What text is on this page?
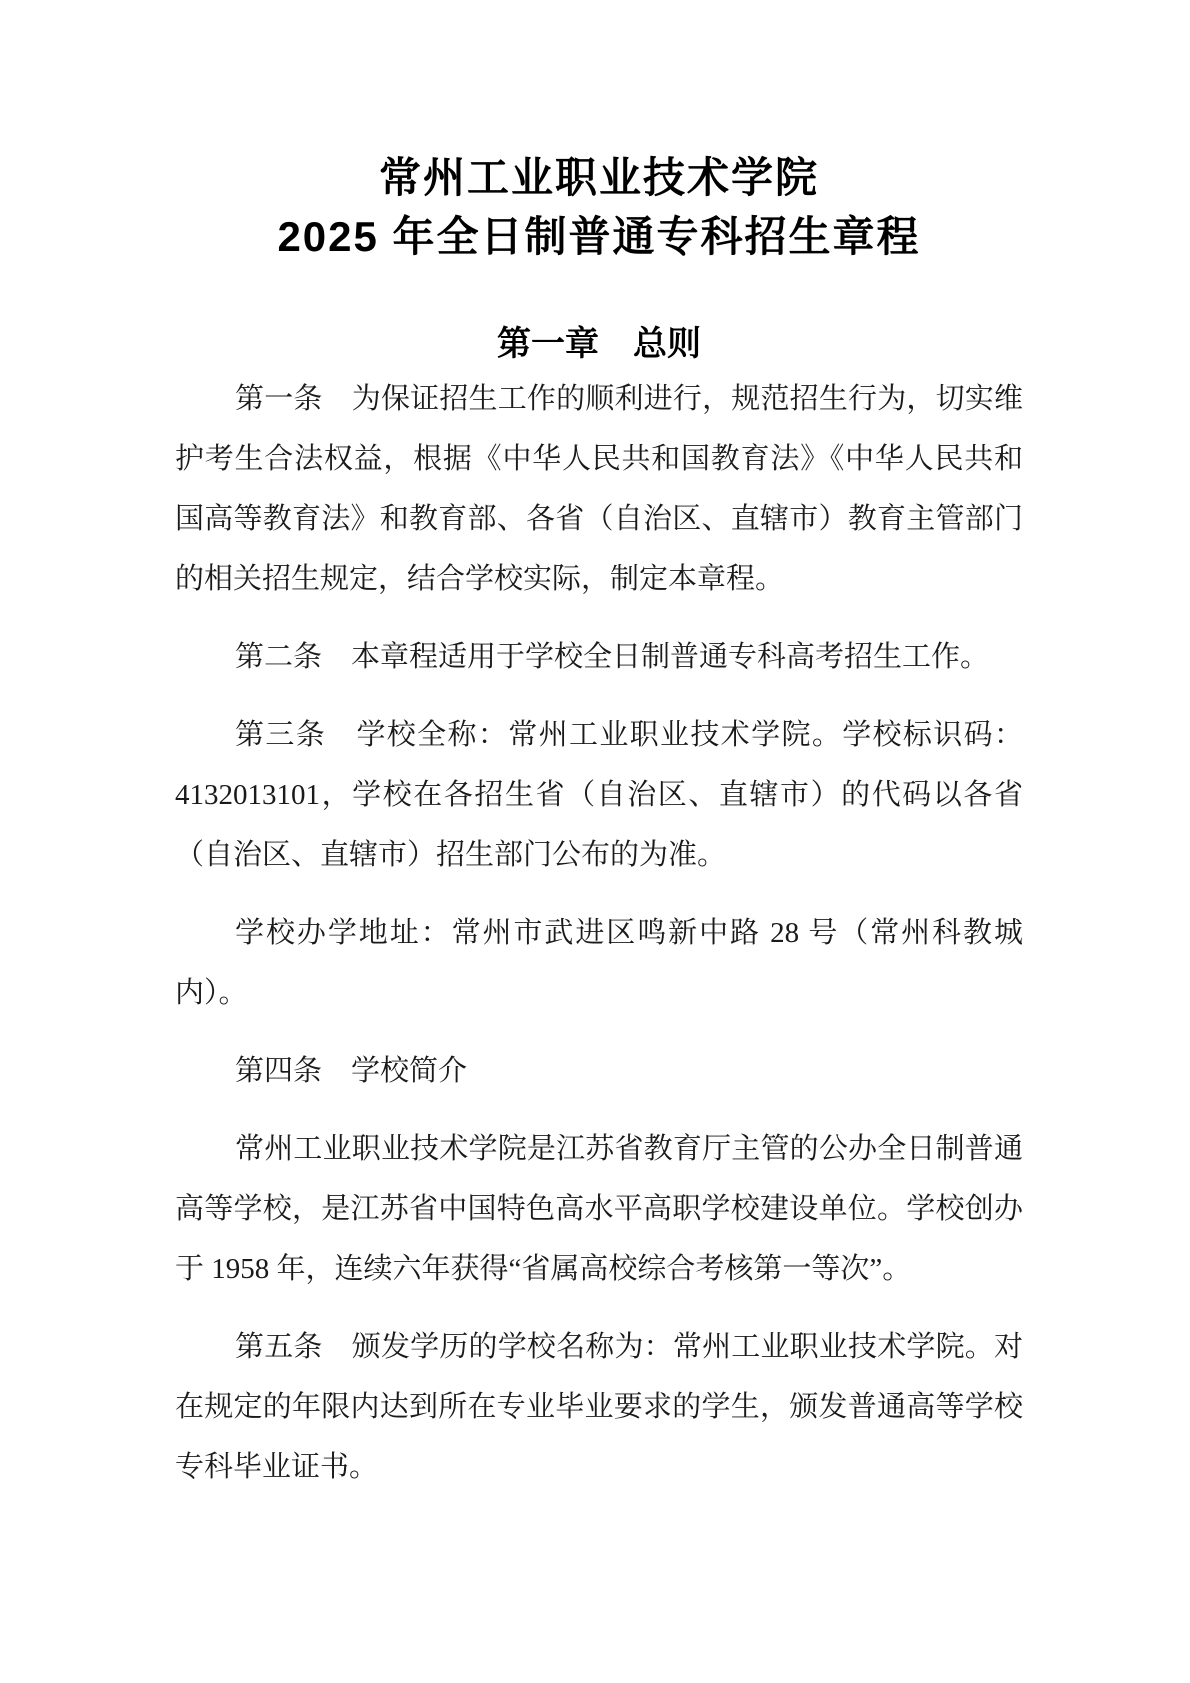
常州工业职业技术学院
2025 年全日制普通专科招生章程
第一章　总则

第一条　为保证招生工作的顺利进行，规范招生行为，切实维护考生合法权益，根据《中华人民共和国教育法》《中华人民共和国高等教育法》和教育部、各省（自治区、直辖市）教育主管部门的相关招生规定，结合学校实际，制定本章程。

第二条　本章程适用于学校全日制普通专科高考招生工作。

第三条　学校全称：常州工业职业技术学院。学校标识码：4132013101，学校在各招生省（自治区、直辖市）的代码以各省（自治区、直辖市）招生部门公布的为准。

学校办学地址：常州市武进区鸣新中路 28 号（常州科教城内）。

第四条　学校简介

常州工业职业技术学院是江苏省教育厅主管的公办全日制普通高等学校，是江苏省中国特色高水平高职学校建设单位。学校创办于 1958 年，连续六年获得“省属高校综合考核第一等次”。

第五条　颁发学历的学校名称为：常州工业职业技术学院。对在规定的年限内达到所在专业毕业要求的学生，颁发普通高等学校专科毕业证书。
